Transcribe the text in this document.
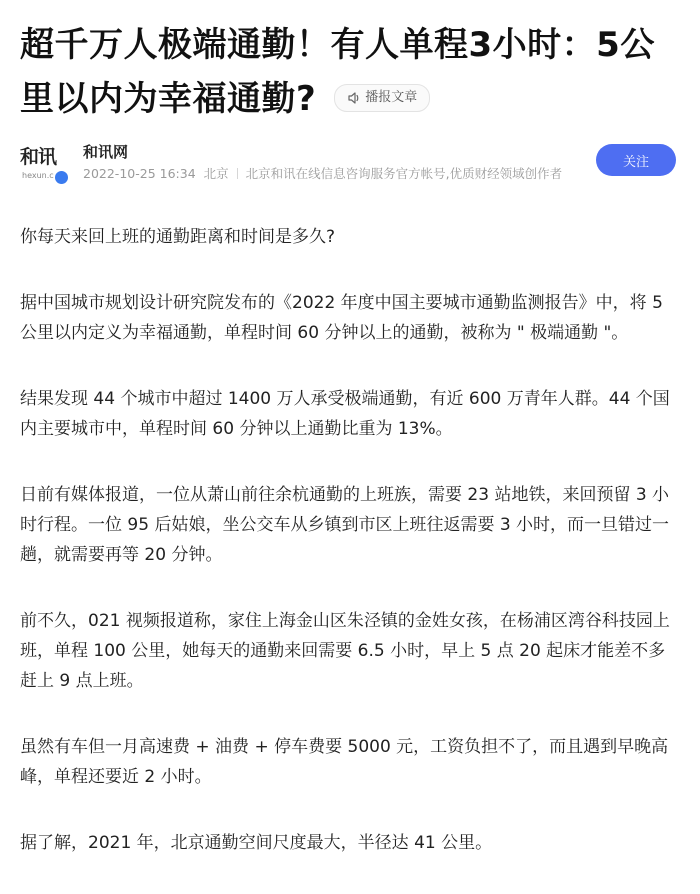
超千万人极端通勤！有人单程3小时：5公里以内为幸福通勤?	播报文章
和讯
hexun.c
和讯网
2022-10-25 16:34 北京 北京和讯在线信息咨询服务官方帐号,优质财经领域创作者
关注

你每天来回上班的通勤距离和时间是多久?

据中国城市规划设计研究院发布的《2022 年度中国主要城市通勤监测报告》中，将 5 公里以内定义为幸福通勤，单程时间 60 分钟以上的通勤，被称为 " 极端通勤 "。

结果发现 44 个城市中超过 1400 万人承受极端通勤，有近 600 万青年人群。44 个国内主要城市中，单程时间 60 分钟以上通勤比重为 13%。

日前有媒体报道，一位从萧山前往余杭通勤的上班族，需要 23 站地铁，来回预留 3 小时行程。一位 95 后姑娘，坐公交车从乡镇到市区上班往返需要 3 小时，而一旦错过一趟，就需要再等 20 分钟。

前不久，021 视频报道称，家住上海金山区朱泾镇的金姓女孩，在杨浦区湾谷科技园上班，单程 100 公里，她每天的通勤来回需要 6.5 小时，早上 5 点 20 起床才能差不多赶上 9 点上班。

虽然有车但一月高速费 + 油费 + 停车费要 5000 元，工资负担不了，而且遇到早晚高峰，单程还要近 2 小时。

据了解，2021 年，北京通勤空间尺度最大，半径达 41 公里。
